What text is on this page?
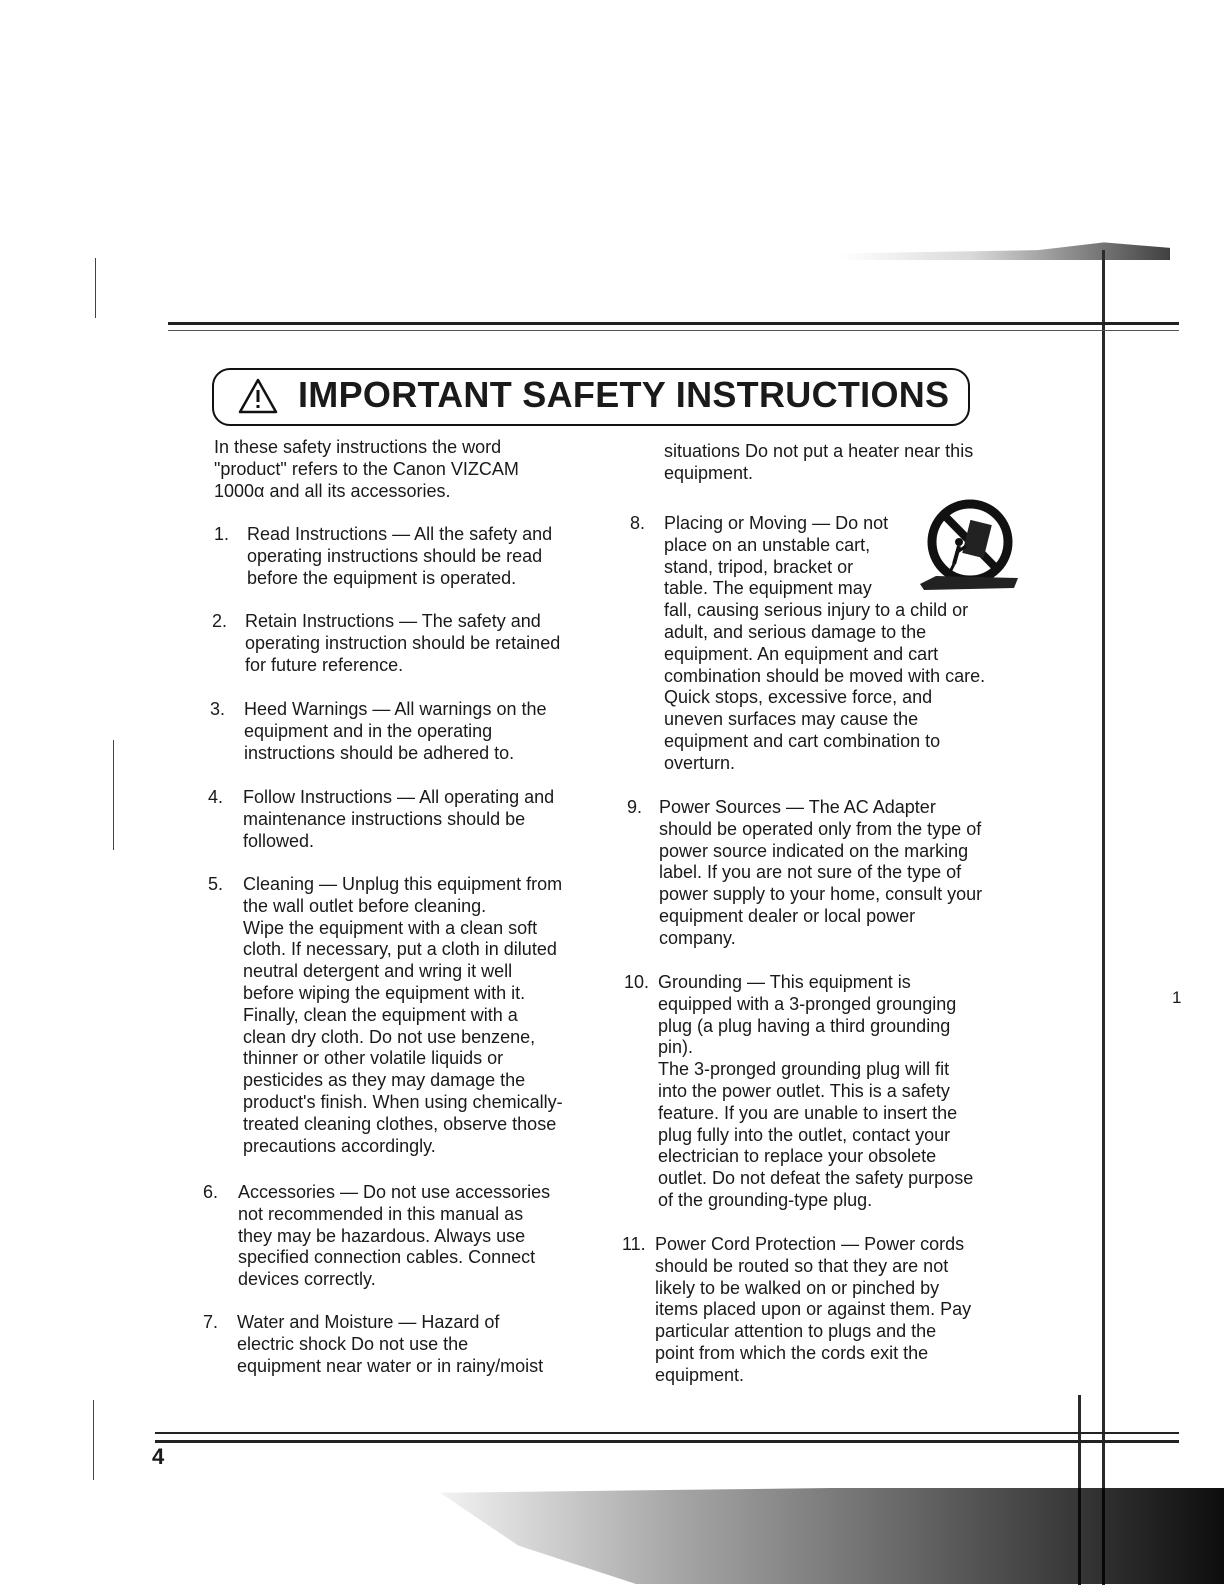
IMPORTANT SAFETY INSTRUCTIONS

In these safety instructions the word

"product" refers to the Canon VIZCAM

1000α and all its accessories.

1. Read Instructions — All the safety and

operating instructions should be read

before the equipment is operated.

2. Retain Instructions — The safety and

operating instruction should be retained

for future reference.

3. Heed Warnings — All warnings on the

equipment and in the operating

instructions should be adhered to.

4. Follow Instructions — All operating and

maintenance instructions should be

followed.

5. Cleaning — Unplug this equipment from

the wall outlet before cleaning.

Wipe the equipment with a clean soft

cloth. If necessary, put a cloth in diluted

neutral detergent and wring it well

before wiping the equipment with it.

Finally, clean the equipment with a

clean dry cloth. Do not use benzene,

thinner or other volatile liquids or

pesticides as they may damage the

product's finish. When using chemically-

treated cleaning clothes, observe those

precautions accordingly.

6. Accessories — Do not use accessories

not recommended in this manual as

they may be hazardous. Always use

specified connection cables. Connect

devices correctly.

7. Water and Moisture — Hazard of

electric shock Do not use the

equipment near water or in rainy/moist

situations Do not put a heater near this

equipment.

8. Placing or Moving — Do not

place on an unstable cart,

stand, tripod, bracket or

table. The equipment may

fall, causing serious injury to a child or

adult, and serious damage to the

equipment. An equipment and cart

combination should be moved with care.

Quick stops, excessive force, and

uneven surfaces may cause the

equipment and cart combination to

overturn.

9. Power Sources — The AC Adapter

should be operated only from the type of

power source indicated on the marking

label. If you are not sure of the type of

power supply to your home, consult your

equipment dealer or local power

company.

10. Grounding — This equipment is

equipped with a 3-pronged grounging

plug (a plug having a third grounding

pin).

The 3-pronged grounding plug will fit

into the power outlet. This is a safety

feature. If you are unable to insert the

plug fully into the outlet, contact your

electrician to replace your obsolete

outlet. Do not defeat the safety purpose

of the grounding-type plug.

11. Power Cord Protection — Power cords

should be routed so that they are not

likely to be walked on or pinched by

items placed upon or against them. Pay

particular attention to plugs and the

point from which the cords exit the

equipment.

4
1
